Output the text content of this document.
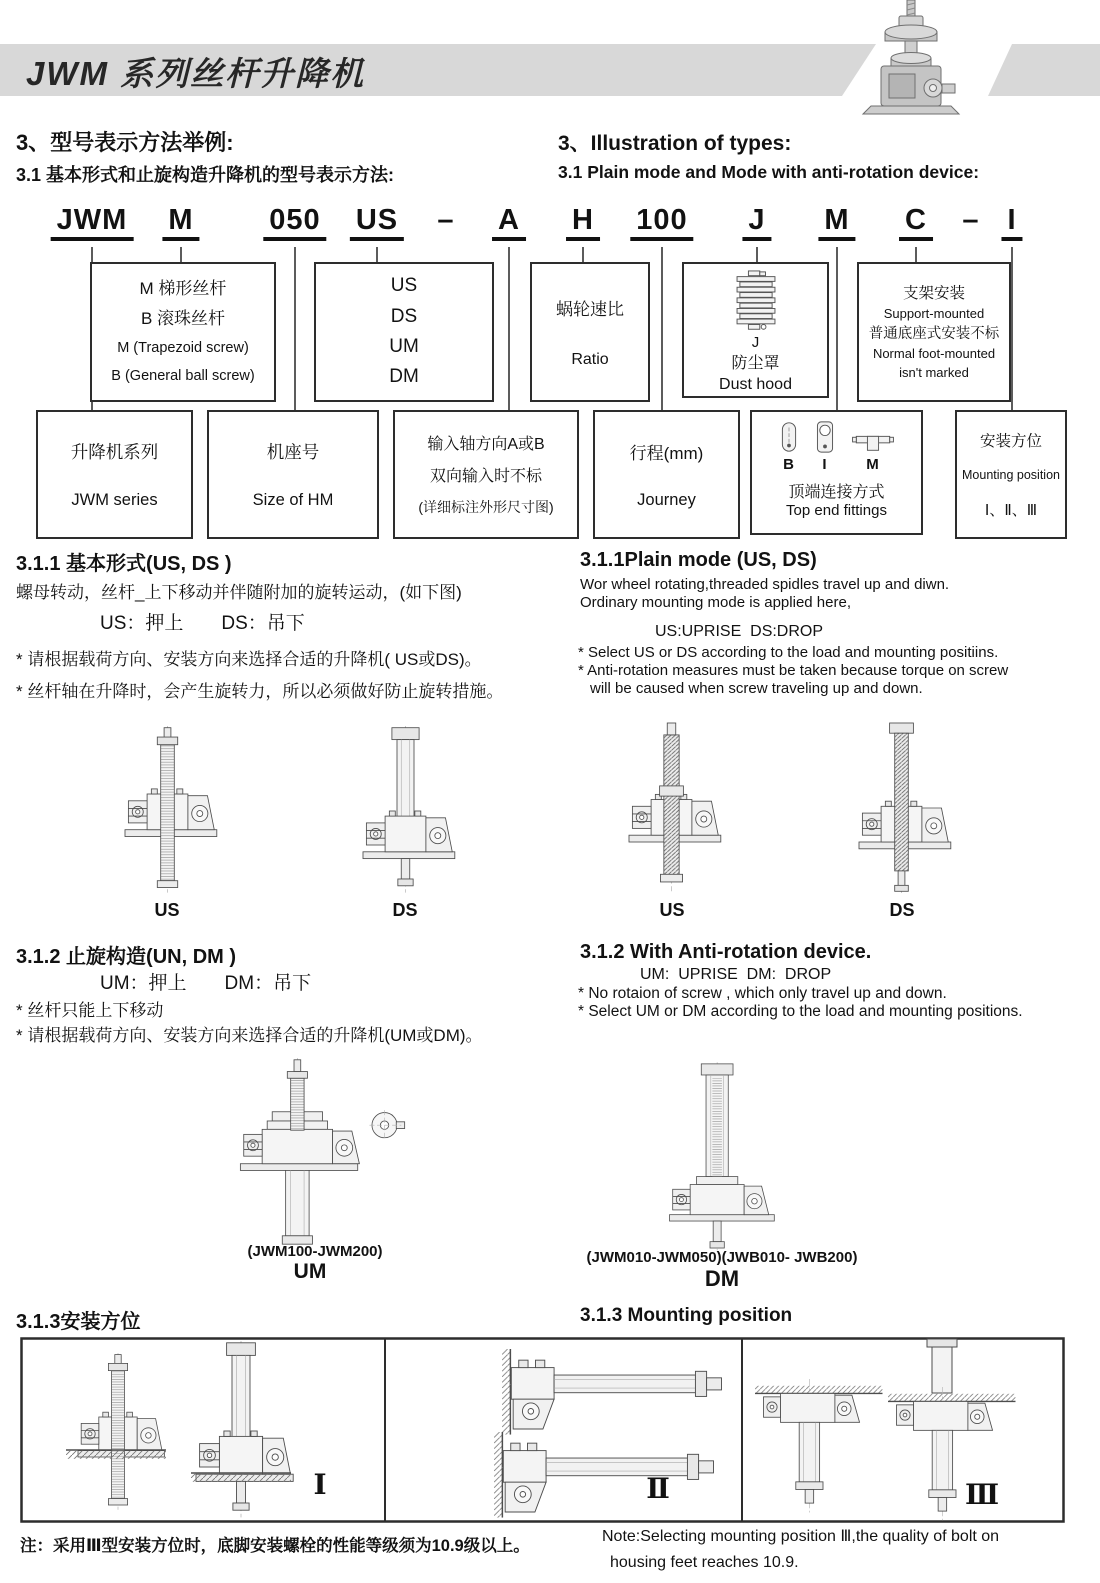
JWM 系列丝杆升降机
3、型号表示方法举例:	3、Illustration of types:
3.1 基本形式和止旋构造升降机的型号表示方法:	3.1 Plain mode and Mode with anti-rotation device:
JWM M	050 US – A H 100 J M C – I
M 梯形丝杆
B 滚珠丝杆
M (Trapezoid screw)
B (General ball screw)
US
DS
UM
DM
蜗轮速比
Ratio
J
防尘罩
Dust hood
支架安装
Support-mounted
普通底座式安装不标
Normal foot-mounted
isn't marked
升降机系列
JWM series
机座号
Size of HM
输入轴方向A或B
双向输入时不标
(详细标注外形尺寸图)
行程(mm)
Journey
B	I	M
顶端连接方式
Top end fittings
安装方位
Mounting position
Ⅰ、Ⅱ、Ⅲ
3.1.1 基本形式(US, DS )
螺母转动，丝杆_上下移动并伴随附加的旋转运动，(如下图)
US：押上　　DS：吊下
* 请根据载荷方向、安装方向来选择合适的升降机( US或DS)。
* 丝杆轴在升降时，会产生旋转力，所以必须做好防止旋转措施。
3.1.1Plain mode (US, DS)
Wor wheel rotating,threaded spidles travel up and diwn.
Ordinary mounting mode is applied here,
US:UPRISE  DS:DROP
* Select US or DS according to the load and mounting positiins.
* Anti-rotation measures must be taken because torque on screw
will be caused when screw traveling up and down.
US	DS	US	DS
3.1.2 止旋构造(UN, DM )
UM：押上　　DM：吊下
* 丝杆只能上下移动
* 请根据载荷方向、安装方向来选择合适的升降机(UM或DM)。
3.1.2 With Anti-rotation device.
UM:  UPRISE  DM:  DROP
* No rotaion of screw , which only travel up and down.
* Select UM or DM according to the load and mounting positions.
(JWM100-JWM200)
UM
(JWM010-JWM050)(JWB010- JWB200)
DM
3.1.3安装方位	3.1.3 Mounting position
Ⅰ	Ⅱ	Ⅲ
注：采用Ⅲ型安装方位时，底脚安装螺栓的性能等级须为10.9级以上。
Note:Selecting mounting position Ⅲ,the quality of bolt on
housing feet reaches 10.9.
